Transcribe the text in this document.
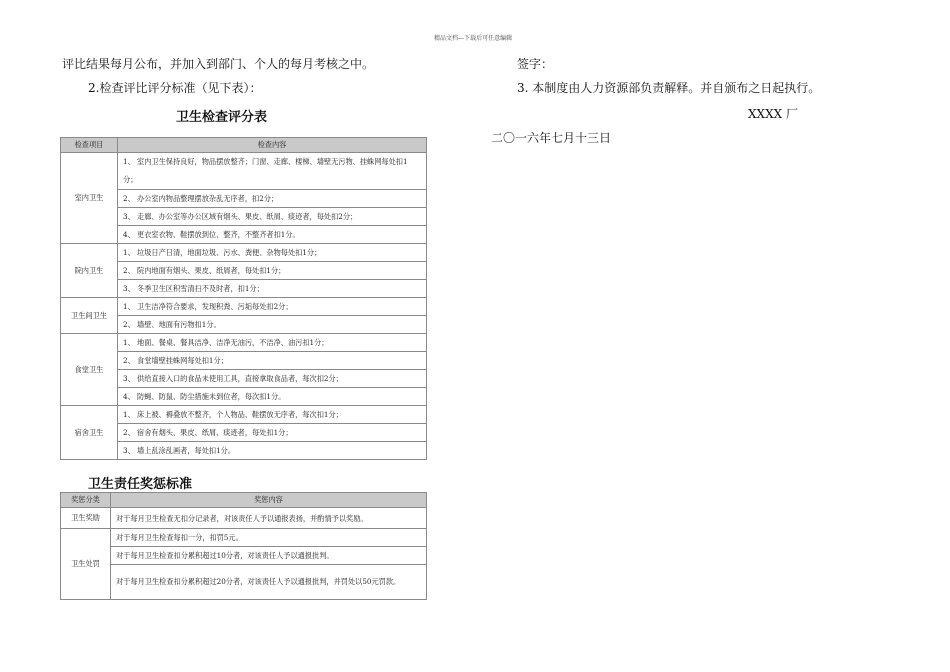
精品文档---下载后可任意编辑
评比结果每月公布，并加入到部门、个人的每月考核之中。
2.检查评比评分标准（见下表）：
卫生检查评分表
检查项目	检查内容
室内卫生	1、 室内卫生保持良好，物品摆放整齐；门窗、走廊、楼梯、墙壁无污物、挂蛛网每处扣1分；
	2、 办公室内物品整理摆放杂乱无序者，扣2分；
	3、 走廊、办公室等办公区域有烟头、果皮、纸屑、痰迹者，每处扣2分；
	4、 更衣室衣物、鞋摆放到位、整齐，不整齐者扣1分。
院内卫生	1、 垃圾日产日清，地面垃圾、污水、粪便、杂物每处扣1分；
	2、 院内地面有烟头、果皮、纸屑者，每处扣1分；
	3、 冬季卫生区积雪清扫不及时者，扣1分；
卫生间卫生	1、 卫生洁净符合要求，发现积粪、污垢每处扣2分；
	2、 墙壁、地面有污物扣1分。
食堂卫生	1、 地面、餐桌、餐具洁净、洁净无油污，不洁净、油污扣1分；
	2、 食堂墙壁挂蛛网每处扣1分；
	3、 供给直接入口的食品未使用工具，直接拿取食品者，每次扣2分；
	4、 防蝇、防鼠、防尘措施未到位者，每次扣1分。
宿舍卫生	1、 床上被、褥叠放不整齐，个人物品、鞋摆放无序者，每次扣1分；
	2、 宿舍有烟头、果皮、纸屑、痰迹者，每处扣1分；
	3、 墙上乱涂乱画者，每处扣1分。
卫生责任奖惩标准
奖惩分类	奖惩内容
卫生奖励	对于每月卫生检查无扣分记录者，对该责任人予以通报表扬，并酌情予以奖励。
卫生处罚	对于每月卫生检查每扣一分，扣罚5元。
	对于每月卫生检查扣分累积超过10分者，对该责任人予以通报批判。
	对于每月卫生检查扣分累积超过20分者，对该责任人予以通报批判，并罚处以50元罚款。
签字：
3. 本制度由人力资源部负责解释。并自颁布之日起执行。
XXXX 厂
二〇一六年七月十三日
